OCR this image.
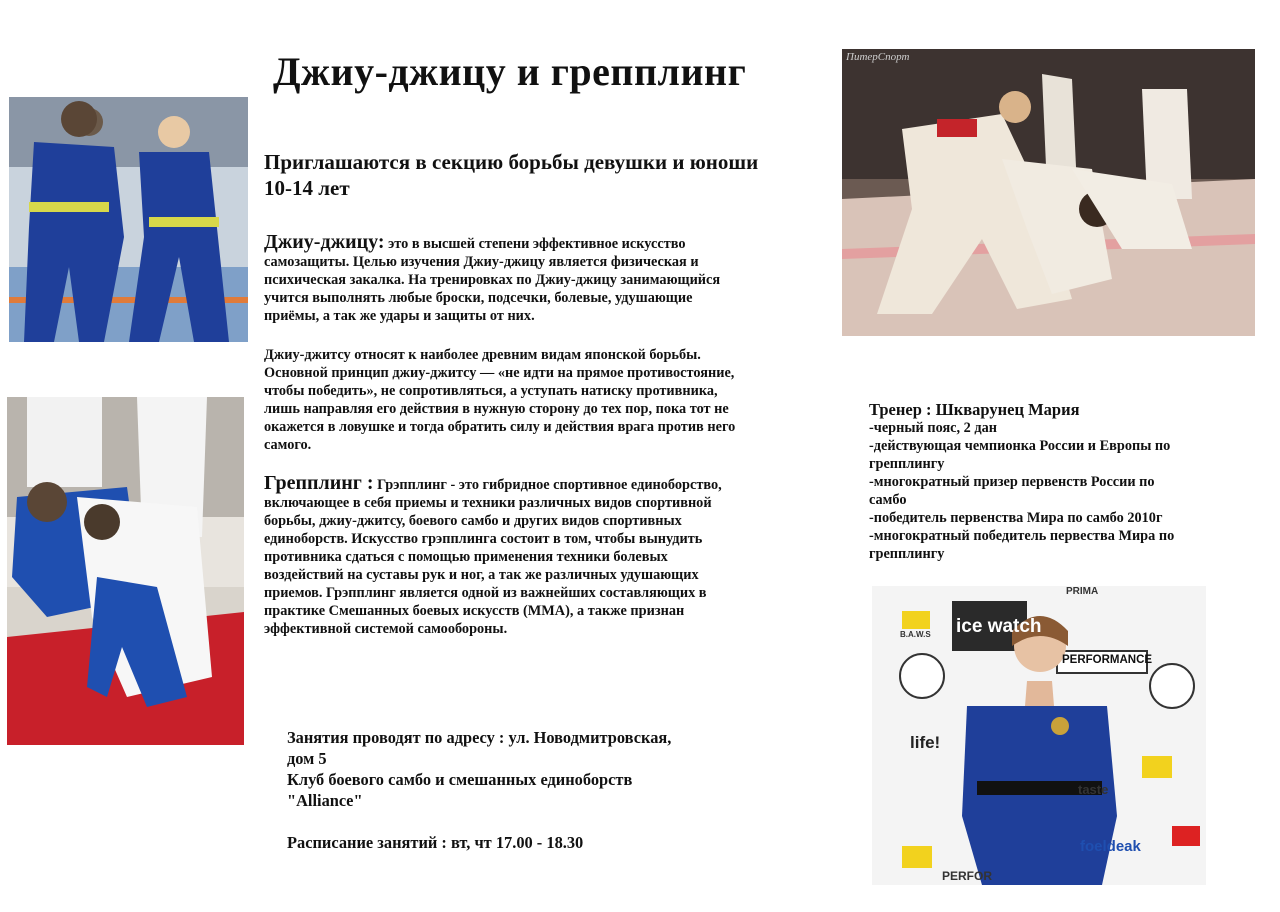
Джиу-джицу и грепплинг	ПитерСпорт
ice watch
PERFORMANCE
life!
foeldeak
PRIMA
B.A.W.S
taste
PERFOR
Приглашаются в секцию борьбы девушки и юноши 10-14 лет
Джиу-джицу: это в высшей степени эффективное искусство
самозащиты. Целью изучения Джиу-джицу является физическая и
психическая закалка. На тренировках по Джиу-джицу занимающийся
учится выполнять любые броски, подсечки, болевые, удушающие
приёмы, а так же удары и защиты от них.
Джиу-джитсу относят к наиболее древним видам японской борьбы.
Основной принцип джиу-джитсу — «не идти на прямое противостояние,
чтобы победить», не сопротивляться, а уступать натиску противника,
лишь направляя его действия в нужную сторону до тех пор, пока тот не
окажется в ловушке и тогда обратить силу и действия врага против него
самого.
Грепплинг : Грэпплинг - это гибридное спортивное единоборство,
включающее в себя приемы и техники различных видов спортивной
борьбы, джиу-джитсу, боевого самбо и других видов спортивных
единоборств. Искусство грэпплинга состоит в том, чтобы вынудить
противника сдаться с помощью применения техники болевых
воздействий на суставы рук и ног, а так же различных удушающих
приемов. Грэпплинг является одной из важнейших составляющих в
практике Смешанных боевых искусств (ММА), а также признан
эффективной системой самообороны.
Занятия проводят по адресу : ул. Новодмитровская,
дом 5
Клуб боевого самбо и смешанных единоборств
"Alliance"
Расписание занятий : вт, чт 17.00 - 18.30
Тренер : Шкварунец Мария
-черный пояс, 2 дан
-действующая чемпионка России и Европы по
грепплингу
-многократный призер первенств России по
самбо
-победитель первенства Мира по самбо 2010г
-многократный победитель первества Мира по
грепплингу
